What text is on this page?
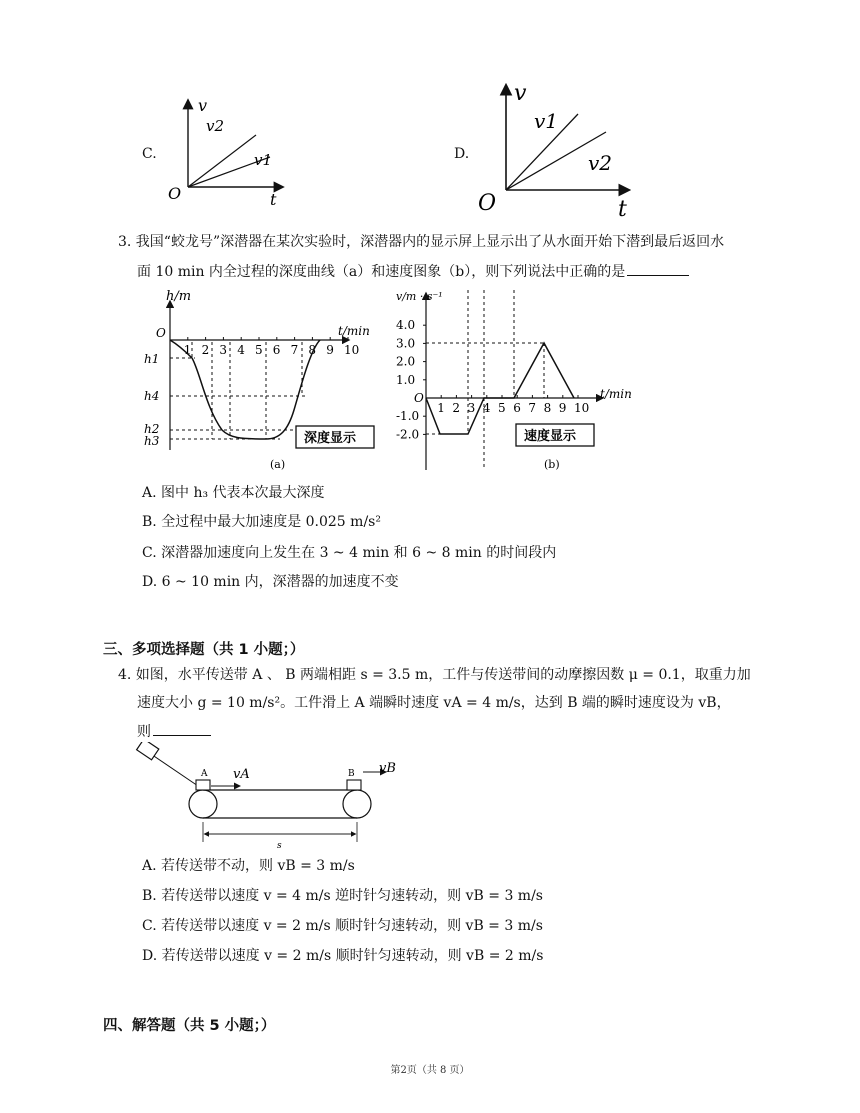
C.
v
t
O
v2
v1	D.
v
t
O
v1
v2
3. 我国“蛟龙号”深潜器在某次实验时，深潜器内的显示屏上显示出了从水面开始下潜到最后返回水
面 10 min 内全过程的深度曲线（a）和速度图象（b），则下列说法中正确的是
1 2 3 4 5 6 7 8 9 10
h/m
t/min
O
h1
h4
h2
h3	深度显示
(a)
4.0
3.0
2.0
1.0
-1.0
-2.0
1 2 3 4 5 6 7 8 9 10
v/m · s⁻¹
t/min
O
速度显示
(b)
A. 图中 h₃ 代表本次最大深度
B. 全过程中最大加速度是 0.025 m/s²
C. 深潜器加速度向上发生在 3 ~ 4 min 和 6 ~ 8 min 的时间段内
D. 6 ~ 10 min 内，深潜器的加速度不变
三、多项选择题（共 1 小题；）
4. 如图，水平传送带 A 、 B 两端相距 s = 3.5 m，工件与传送带间的动摩擦因数 μ = 0.1，取重力加
速度大小 g = 10 m/s²。工件滑上 A 端瞬时速度 vA = 4 m/s，达到 B 端的瞬时速度设为 vB，
则
A vA	B vB
s
A. 若传送带不动，则 vB = 3 m/s
B. 若传送带以速度 v = 4 m/s 逆时针匀速转动，则 vB = 3 m/s
C. 若传送带以速度 v = 2 m/s 顺时针匀速转动，则 vB = 3 m/s
D. 若传送带以速度 v = 2 m/s 顺时针匀速转动，则 vB = 2 m/s
四、解答题（共 5 小题；）
第2页（共 8 页）
